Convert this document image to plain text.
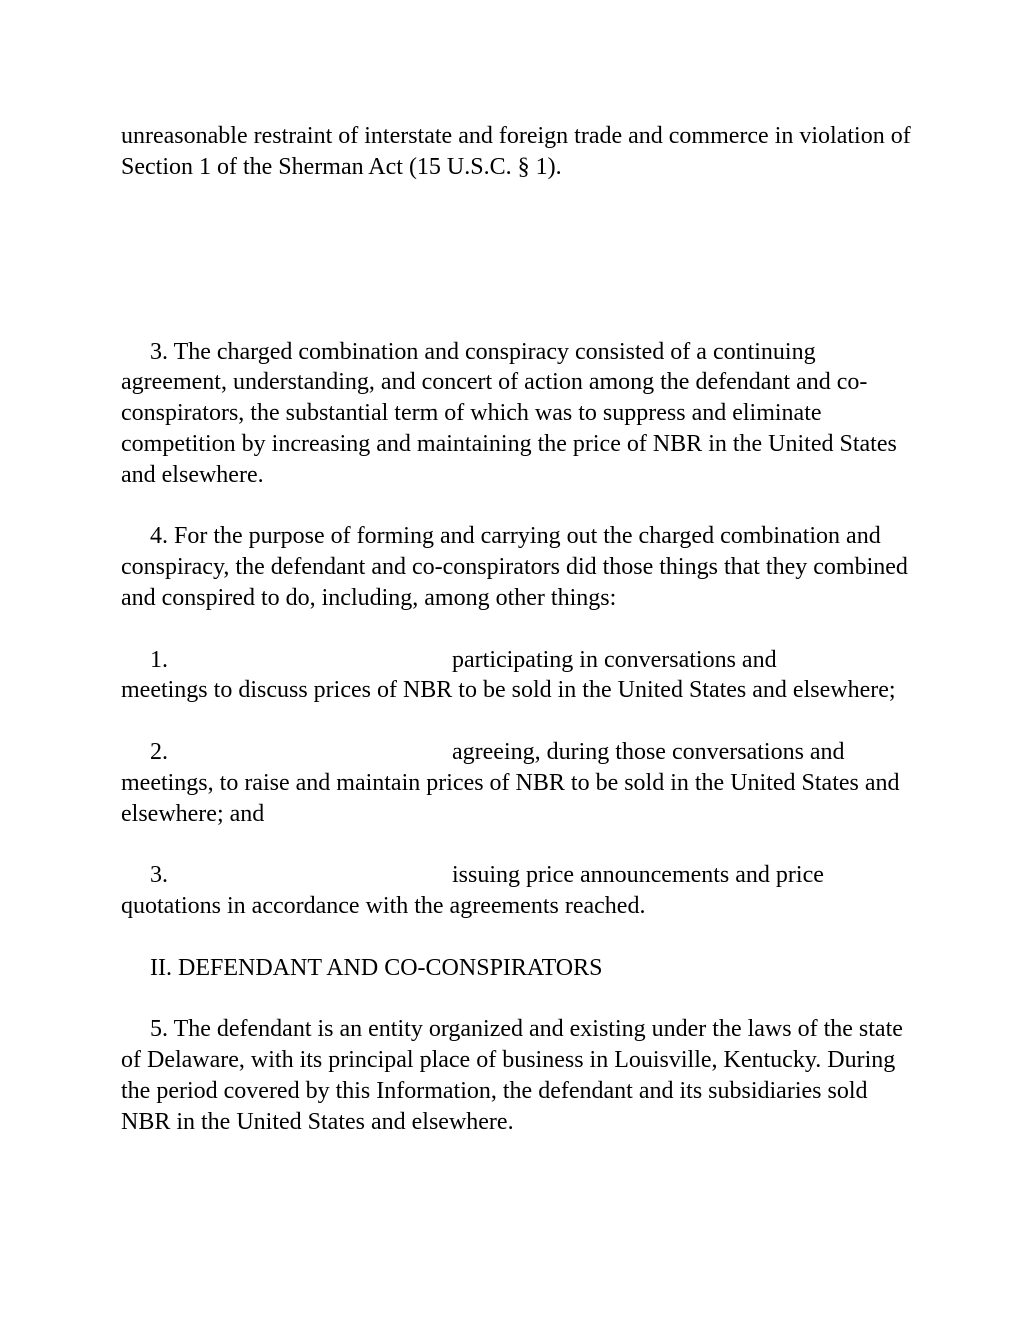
unreasonable restraint of interstate and foreign trade and commerce in violation of Section 1 of the Sherman Act (15 U.S.C. § 1).

3. The charged combination and conspiracy consisted of a continuing agreement, understanding, and concert of action among the defendant and co-conspirators, the substantial term of which was to suppress and eliminate competition by increasing and maintaining the price of NBR in the United States and elsewhere.

4. For the purpose of forming and carrying out the charged combination and conspiracy, the defendant and co-conspirators did those things that they combined and conspired to do, including, among other things:

1.	participating in conversations and

meetings to discuss prices of NBR to be sold in the United States and elsewhere;

2.	agreeing, during those conversations and

meetings, to raise and maintain prices of NBR to be sold in the United States and elsewhere; and

3.	issuing price announcements and price

quotations in accordance with the agreements reached.

II. DEFENDANT AND CO-CONSPIRATORS

5. The defendant is an entity organized and existing under the laws of the state of Delaware, with its principal place of business in Louisville, Kentucky. During the period covered by this Information, the defendant and its subsidiaries sold NBR in the United States and elsewhere.
